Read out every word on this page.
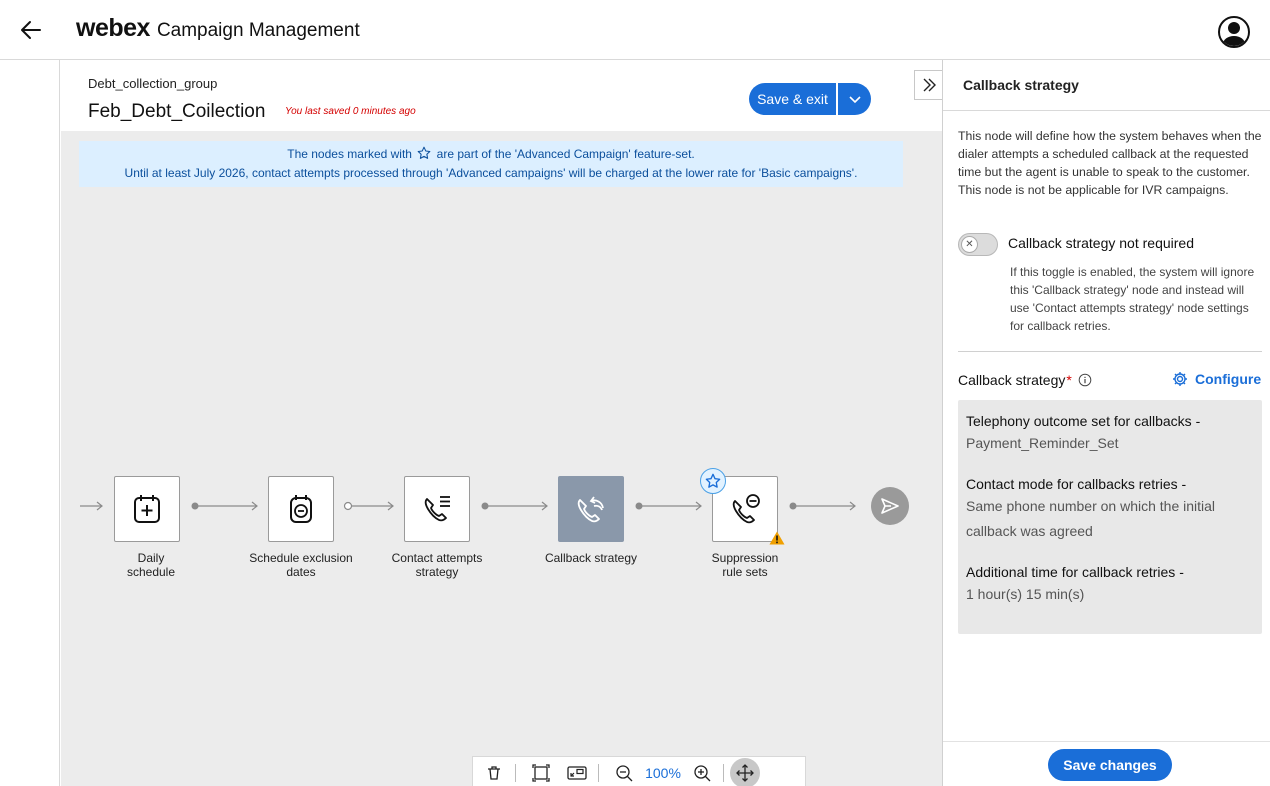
webex Campaign Management
Debt_collection_group
Feb_Debt_Coilection You last saved 0 minutes ago
Save & exit
The nodes marked with are part of the 'Advanced Campaign' feature-set.
Until at least July 2026, contact attempts processed through 'Advanced campaigns' will be charged at the lower rate for 'Basic campaigns'.
Daily schedule
Schedule exclusion dates
Contact attempts strategy
Callback strategy	Suppression rule sets
100%
Callback strategy
This node will define how the system behaves when the dialer attempts a scheduled callback at the requested time but the agent is unable to speak to the customer. This node is not be applicable for IVR campaigns.
✕	Callback strategy not required
If this toggle is enabled, the system will ignore this 'Callback strategy' node and instead will use 'Contact attempts strategy' node settings for callback retries.
Callback strategy *	Configure
Telephony outcome set for callbacks -
Payment_Reminder_Set
Contact mode for callbacks retries -
Same phone number on which the initial callback was agreed
Additional time for callback retries -
1 hour(s) 15 min(s)
Save changes
